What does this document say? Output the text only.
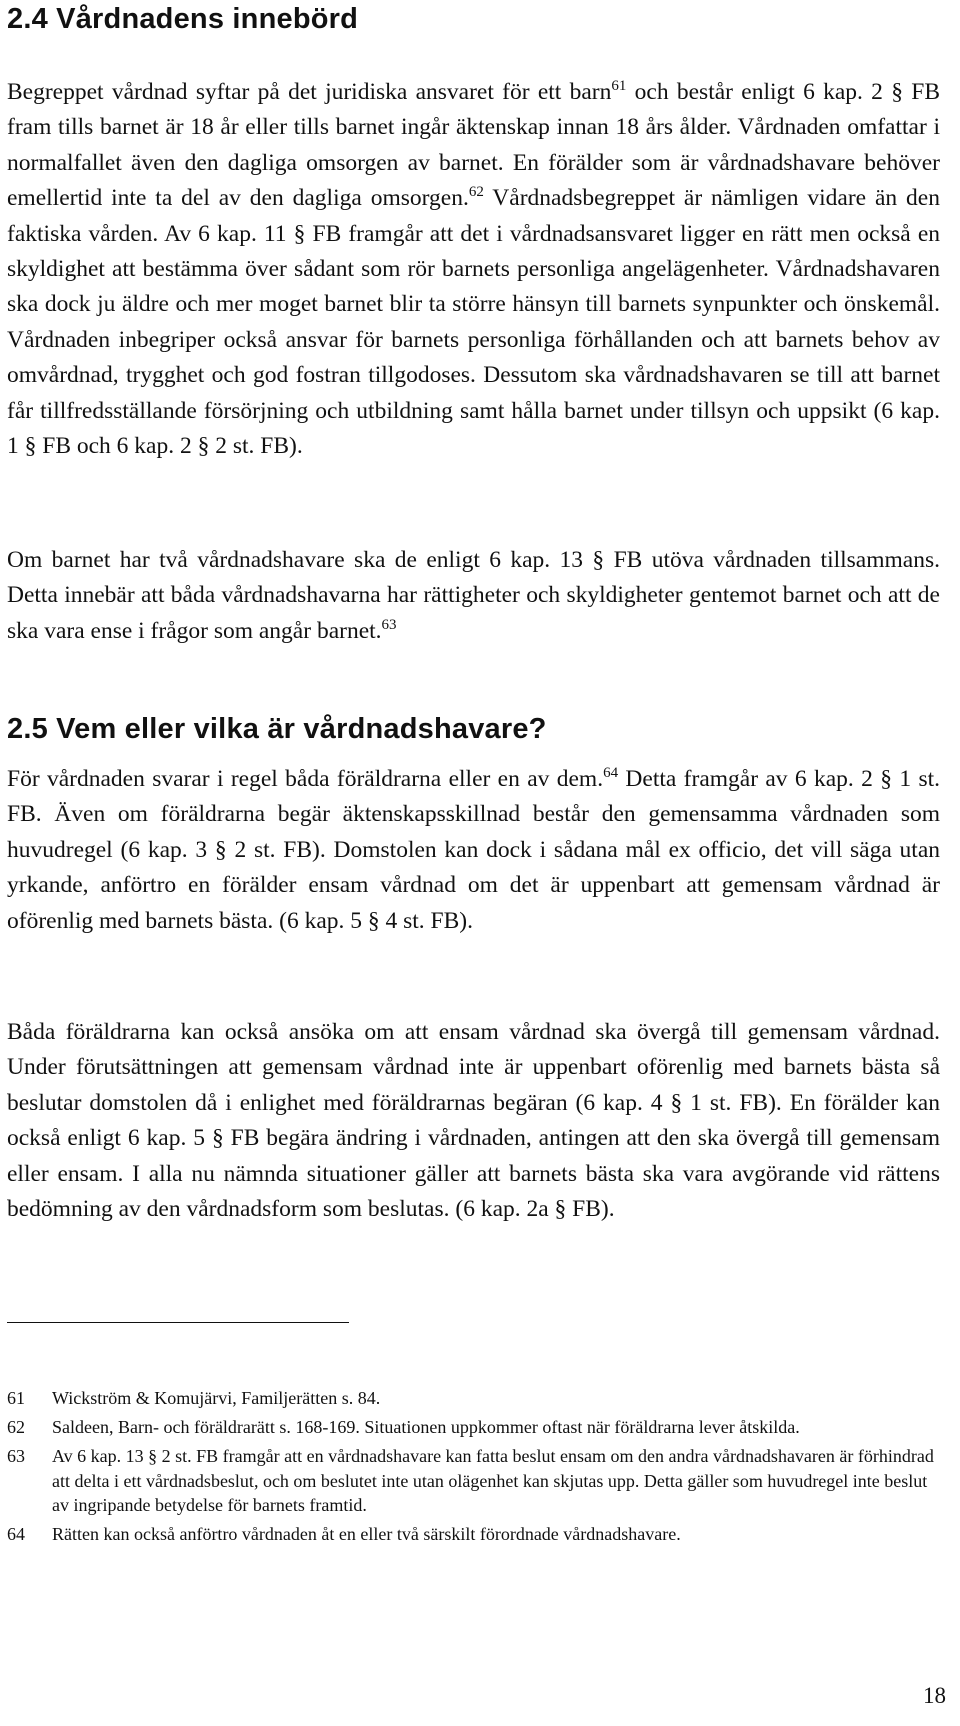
2.4 Vårdnadens innebörd

Begreppet vårdnad syftar på det juridiska ansvaret för ett barn$^{61}$ och består enligt 6 kap. 2 § FB fram tills barnet är 18 år eller tills barnet ingår äktenskap innan 18 års ålder. Vårdnaden omfattar i normalfallet även den dagliga omsorgen av barnet. En förälder som är vårdnadshavare behöver emellertid inte ta del av den dagliga omsorgen.$^{62}$ Vårdnadsbegreppet är nämligen vidare än den faktiska vården. Av 6 kap. 11 § FB framgår att det i vårdnadsansvaret ligger en rätt men också en skyldighet att bestämma över sådant som rör barnets personliga angelägenheter. Vårdnadshavaren ska dock ju äldre och mer moget barnet blir ta större hänsyn till barnets synpunkter och önskemål. Vårdnaden inbegriper också ansvar för barnets personliga förhållanden och att barnets behov av omvårdnad, trygghet och god fostran tillgodoses. Dessutom ska vårdnadshavaren se till att barnet får tillfredsställande försörjning och utbildning samt hålla barnet under tillsyn och uppsikt (6 kap. 1 § FB och 6 kap. 2 § 2 st. FB).

Om barnet har två vårdnadshavare ska de enligt 6 kap. 13 § FB utöva vårdnaden tillsammans. Detta innebär att båda vårdnadshavarna har rättigheter och skyldigheter gentemot barnet och att de ska vara ense i frågor som angår barnet.$^{63}$

2.5 Vem eller vilka är vårdnadshavare?

För vårdnaden svarar i regel båda föräldrarna eller en av dem.$^{64}$ Detta framgår av 6 kap. 2 § 1 st. FB. Även om föräldrarna begär äktenskapsskillnad består den gemensamma vårdnaden som huvudregel (6 kap. 3 § 2 st. FB). Domstolen kan dock i sådana mål ex officio, det vill säga utan yrkande, anförtro en förälder ensam vårdnad om det är uppenbart att gemensam vårdnad är oförenlig med barnets bästa. (6 kap. 5 § 4 st. FB).

Båda föräldrarna kan också ansöka om att ensam vårdnad ska övergå till gemensam vårdnad. Under förutsättningen att gemensam vårdnad inte är uppenbart oförenlig med barnets bästa så beslutar domstolen då i enlighet med föräldrarnas begäran (6 kap. 4 § 1 st. FB). En förälder kan också enligt 6 kap. 5 § FB begära ändring i vårdnaden, antingen att den ska övergå till gemensam eller ensam. I alla nu nämnda situationer gäller att barnets bästa ska vara avgörande vid rättens bedömning av den vårdnadsform som beslutas. (6 kap. 2a § FB).

61	Wickström & Komujärvi, Familjerätten s. 84.
62	Saldeen, Barn- och föräldrarätt s. 168-169. Situationen uppkommer oftast när föräldrarna lever åtskilda.
63	Av 6 kap. 13 § 2 st. FB framgår att en vårdnadshavare kan fatta beslut ensam om den andra vårdnadshavaren är förhindrad att delta i ett vårdnadsbeslut, och om beslutet inte utan olägenhet kan skjutas upp. Detta gäller som huvudregel inte beslut av ingripande betydelse för barnets framtid.
64	Rätten kan också anförtro vårdnaden åt en eller två särskilt förordnade vårdnadshavare.
18
